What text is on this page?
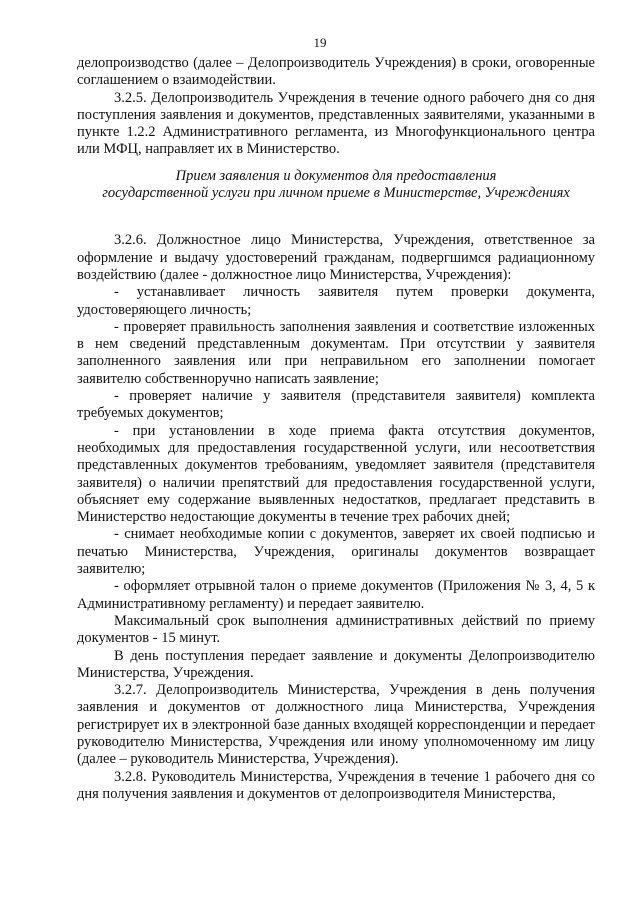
19

делопроизводство (далее – Делопроизводитель Учреждения) в сроки, оговоренные соглашением о взаимодействии.

3.2.5. Делопроизводитель Учреждения в течение одного рабочего дня со дня поступления заявления и документов, представленных заявителями, указанными в пункте 1.2.2 Административного регламента, из Многофункционального центра или МФЦ, направляет их в Министерство.

Прием заявления и документов для предоставления
государственной услуги при личном приеме в Министерстве, Учреждениях

3.2.6. Должностное лицо Министерства, Учреждения, ответственное за оформление и выдачу удостоверений гражданам, подвергшимся радиационному воздействию (далее - должностное лицо Министерства, Учреждения):

- устанавливает личность заявителя путем проверки документа, удостоверяющего личность;

- проверяет правильность заполнения заявления и соответствие изложенных в нем сведений представленным документам. При отсутствии у заявителя заполненного заявления или при неправильном его заполнении помогает заявителю собственноручно написать заявление;

- проверяет наличие у заявителя (представителя заявителя) комплекта требуемых документов;

- при установлении в ходе приема факта отсутствия документов, необходимых для предоставления государственной услуги, или несоответствия представленных документов требованиям, уведомляет заявителя (представителя заявителя) о наличии препятствий для предоставления государственной услуги, объясняет ему содержание выявленных недостатков, предлагает представить в Министерство недостающие документы в течение трех рабочих дней;

- снимает необходимые копии с документов, заверяет их своей подписью и печатью Министерства, Учреждения, оригиналы документов возвращает заявителю;

- оформляет отрывной талон о приеме документов (Приложения № 3, 4, 5 к Административному регламенту) и передает заявителю.

Максимальный срок выполнения административных действий по приему документов - 15 минут.

В день поступления передает заявление и документы Делопроизводителю Министерства, Учреждения.

3.2.7. Делопроизводитель Министерства, Учреждения в день получения заявления и документов от должностного лица Министерства, Учреждения регистрирует их в электронной базе данных входящей корреспонденции и передает руководителю Министерства, Учреждения или иному уполномоченному им лицу (далее – руководитель Министерства, Учреждения).

3.2.8. Руководитель Министерства, Учреждения в течение 1 рабочего дня со дня получения заявления и документов от делопроизводителя Министерства,
